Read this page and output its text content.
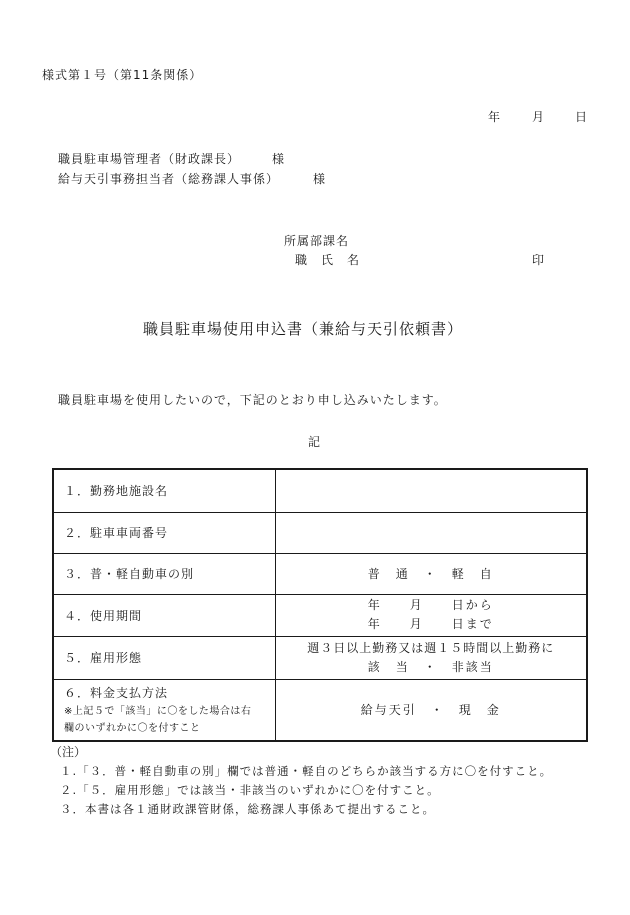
様式第１号（第11条関係）
年	月	日
職員駐車場管理者（財政課長）	様
給与天引事務担当者（総務課人事係）	様
所属部課名
職　氏　名	印
職員駐車場使用申込書（兼給与天引依頼書）
職員駐車場を使用したいので，下記のとおり申し込みいたします。
記
１．勤務地施設名	
２．駐車車両番号	
３．普・軽自動車の別	普　通　・　軽　自
４．使用期間	年　　月　　日から
年　　月　　日まで

５．雇用形態	週３日以上勤務又は週１５時間以上勤務に
該　当　・　非該当

６．料金支払方法
※上記５で「該当」に〇をした場合は右
欄のいずれかに〇を付すこと	給与天引　・　現　金
（注）
１.「３．普・軽自動車の別」欄では普通・軽自のどちらか該当する方に〇を付すこと。
２.「５．雇用形態」では該当・非該当のいずれかに〇を付すこと。
３．本書は各１通財政課管財係，総務課人事係あて提出すること。
